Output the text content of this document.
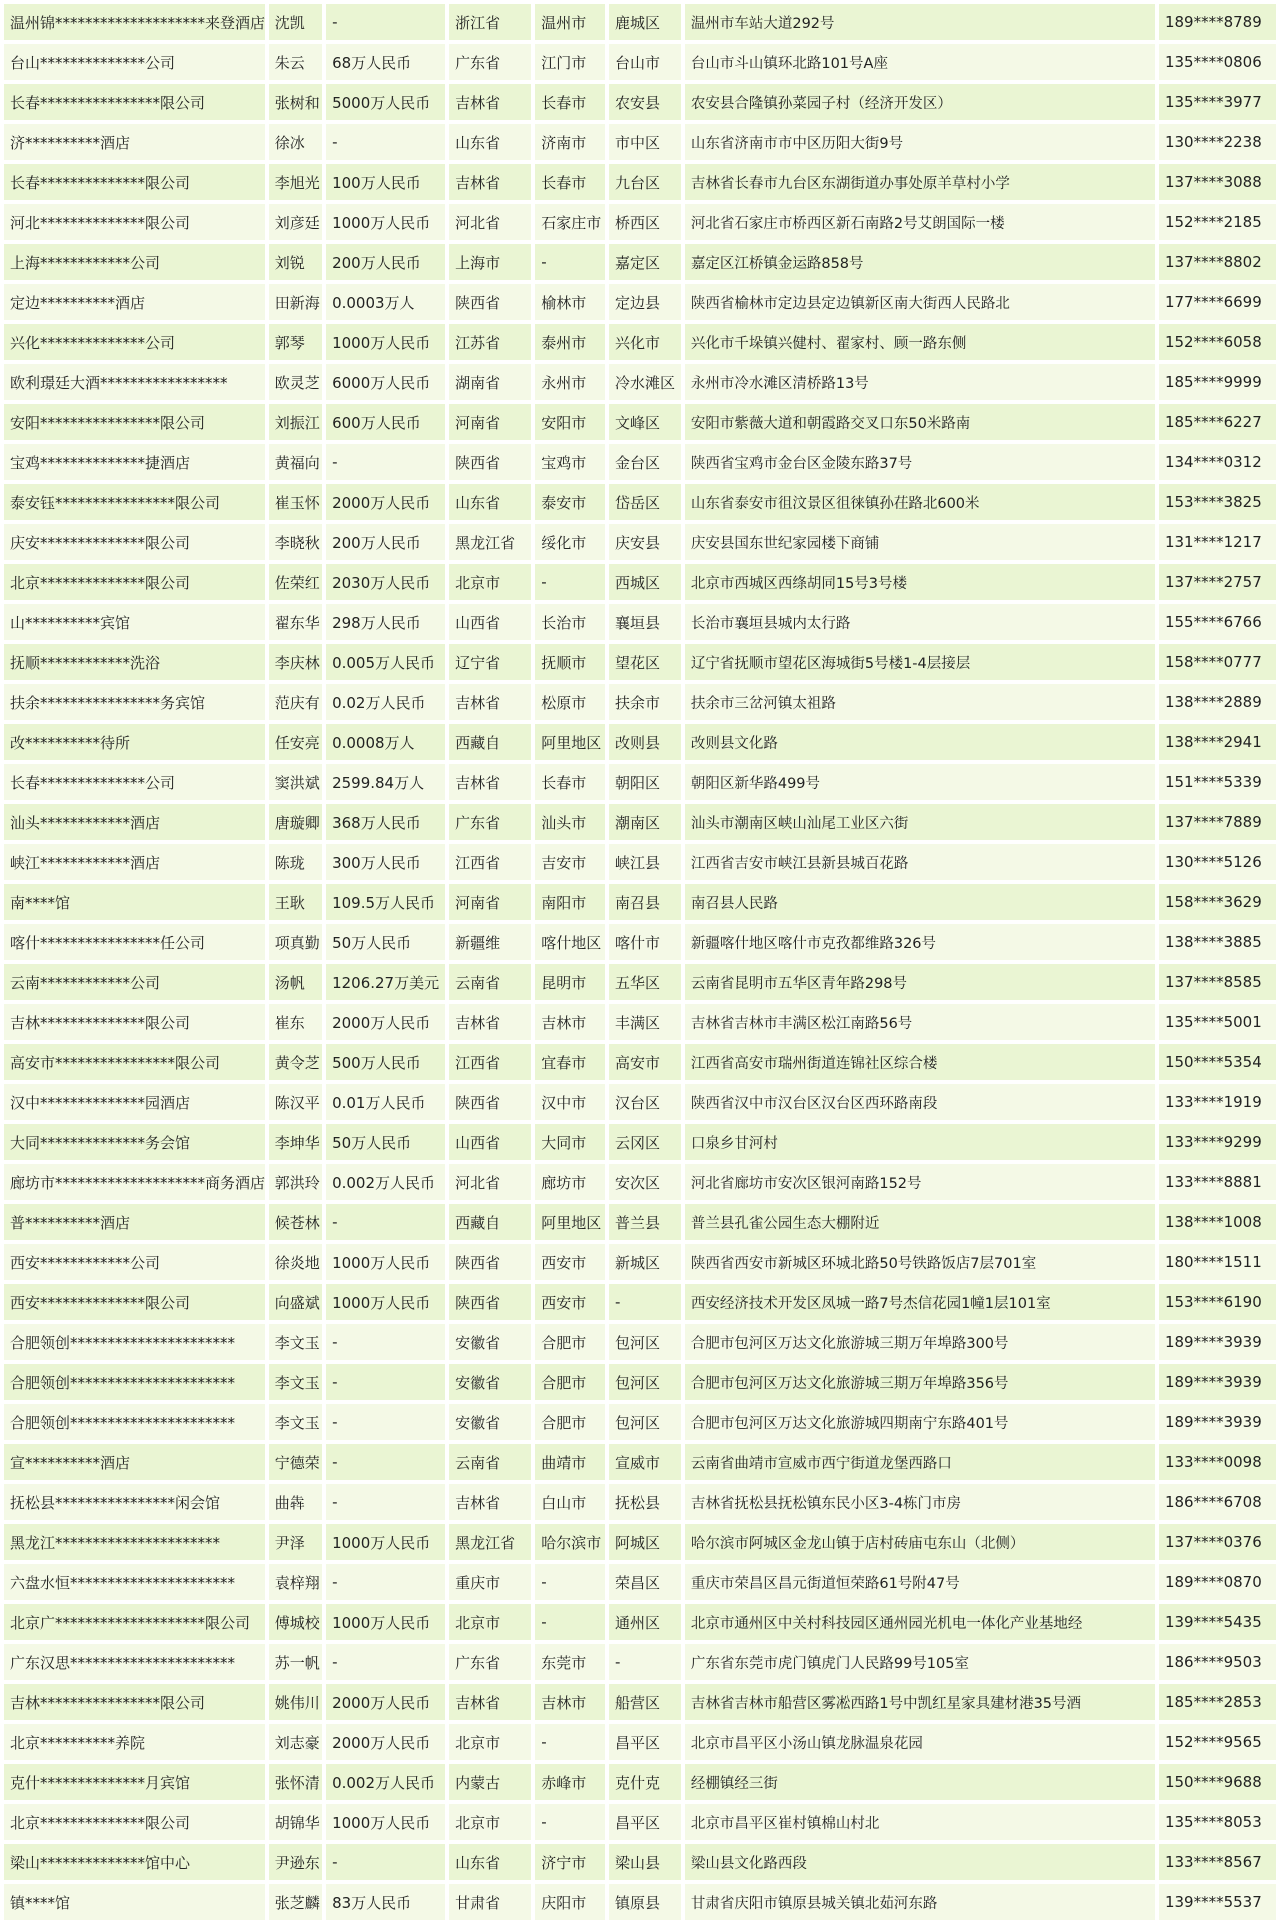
温州锦********************来登酒店	沈凯	-	浙江省	温州市	鹿城区	温州市车站大道292号	189****8789
台山**************公司	朱云	68万人民币	广东省	江门市	台山市	台山市斗山镇环北路101号A座	135****0806
长春****************限公司	张树和	5000万人民币	吉林省	长春市	农安县	农安县合隆镇孙菜园子村（经济开发区）	135****3977
济**********酒店	徐冰	-	山东省	济南市	市中区	山东省济南市市中区历阳大街9号	130****2238
长春**************限公司	李旭光	100万人民币	吉林省	长春市	九台区	吉林省长春市九台区东湖街道办事处原羊草村小学	137****3088
河北**************限公司	刘彦廷	1000万人民币	河北省	石家庄市	桥西区	河北省石家庄市桥西区新石南路2号艾朗国际一楼	152****2185
上海************公司	刘锐	200万人民币	上海市	-	嘉定区	嘉定区江桥镇金运路858号	137****8802
定边**********酒店	田新海	0.0003万人	陕西省	榆林市	定边县	陕西省榆林市定边县定边镇新区南大街西人民路北	177****6699
兴化**************公司	郭琴	1000万人民币	江苏省	泰州市	兴化市	兴化市千垛镇兴健村、翟家村、顾一路东侧	152****6058
欧利璟廷大酒*****************	欧灵芝	6000万人民币	湖南省	永州市	冷水滩区	永州市冷水滩区清桥路13号	185****9999
安阳****************限公司	刘振江	600万人民币	河南省	安阳市	文峰区	安阳市紫薇大道和朝霞路交叉口东50米路南	185****6227
宝鸡**************捷酒店	黄福向	-	陕西省	宝鸡市	金台区	陕西省宝鸡市金台区金陵东路37号	134****0312
泰安钰****************限公司	崔玉怀	2000万人民币	山东省	泰安市	岱岳区	山东省泰安市徂汶景区徂徕镇孙茌路北600米	153****3825
庆安**************限公司	李晓秋	200万人民币	黑龙江省	绥化市	庆安县	庆安县国东世纪家园楼下商铺	131****1217
北京**************限公司	佐荣红	2030万人民币	北京市	-	西城区	北京市西城区西绦胡同15号3号楼	137****2757
山**********宾馆	翟东华	298万人民币	山西省	长治市	襄垣县	长治市襄垣县城内太行路	155****6766
抚顺************洗浴	李庆林	0.005万人民币	辽宁省	抚顺市	望花区	辽宁省抚顺市望花区海城街5号楼1-4层接层	158****0777
扶余****************务宾馆	范庆有	0.02万人民币	吉林省	松原市	扶余市	扶余市三岔河镇太祖路	138****2889
改**********待所	任安亮	0.0008万人	西藏自	阿里地区	改则县	改则县文化路	138****2941
长春**************公司	窦洪斌	2599.84万人	吉林省	长春市	朝阳区	朝阳区新华路499号	151****5339
汕头************酒店	唐璇卿	368万人民币	广东省	汕头市	潮南区	汕头市潮南区峡山汕尾工业区六街	137****7889
峡江************酒店	陈珑	300万人民币	江西省	吉安市	峡江县	江西省吉安市峡江县新县城百花路	130****5126
南****馆	王耿	109.5万人民币	河南省	南阳市	南召县	南召县人民路	158****3629
喀什****************任公司	项真勤	50万人民币	新疆维	喀什地区	喀什市	新疆喀什地区喀什市克孜都维路326号	138****3885
云南************公司	汤帆	1206.27万美元	云南省	昆明市	五华区	云南省昆明市五华区青年路298号	137****8585
吉林**************限公司	崔东	2000万人民币	吉林省	吉林市	丰满区	吉林省吉林市丰满区松江南路56号	135****5001
高安市****************限公司	黄令芝	500万人民币	江西省	宜春市	高安市	江西省高安市瑞州街道连锦社区综合楼	150****5354
汉中**************园酒店	陈汉平	0.01万人民币	陕西省	汉中市	汉台区	陕西省汉中市汉台区汉台区西环路南段	133****1919
大同**************务会馆	李坤华	50万人民币	山西省	大同市	云冈区	口泉乡甘河村	133****9299
廊坊市********************商务酒店	郭洪玲	0.002万人民币	河北省	廊坊市	安次区	河北省廊坊市安次区银河南路152号	133****8881
普**********酒店	候苍林	-	西藏自	阿里地区	普兰县	普兰县孔雀公园生态大棚附近	138****1008
西安************公司	徐炎地	1000万人民币	陕西省	西安市	新城区	陕西省西安市新城区环城北路50号铁路饭店7层701室	180****1511
西安**************限公司	向盛斌	1000万人民币	陕西省	西安市	-	西安经济技术开发区凤城一路7号杰信花园1幢1层101室	153****6190
合肥领创**********************	李文玉	-	安徽省	合肥市	包河区	合肥市包河区万达文化旅游城三期万年埠路300号	189****3939
合肥领创**********************	李文玉	-	安徽省	合肥市	包河区	合肥市包河区万达文化旅游城三期万年埠路356号	189****3939
合肥领创**********************	李文玉	-	安徽省	合肥市	包河区	合肥市包河区万达文化旅游城四期南宁东路401号	189****3939
宣**********酒店	宁德荣	-	云南省	曲靖市	宣威市	云南省曲靖市宣威市西宁街道龙堡西路口	133****0098
抚松县****************闲会馆	曲犇	-	吉林省	白山市	抚松县	吉林省抚松县抚松镇东民小区3-4栋门市房	186****6708
黑龙江**********************	尹泽	1000万人民币	黑龙江省	哈尔滨市	阿城区	哈尔滨市阿城区金龙山镇于店村砖庙屯东山（北侧）	137****0376
六盘水恒**********************	袁梓翔	-	重庆市	-	荣昌区	重庆市荣昌区昌元街道恒荣路61号附47号	189****0870
北京广********************限公司	傅城校	1000万人民币	北京市	-	通州区	北京市通州区中关村科技园区通州园光机电一体化产业基地经	139****5435
广东汉思**********************	苏一帆	-	广东省	东莞市	-	广东省东莞市虎门镇虎门人民路99号105室	186****9503
吉林****************限公司	姚伟川	2000万人民币	吉林省	吉林市	船营区	吉林省吉林市船营区雾凇西路1号中凯红星家具建材港35号酒	185****2853
北京**********养院	刘志豪	2000万人民币	北京市	-	昌平区	北京市昌平区小汤山镇龙脉温泉花园	152****9565
克什**************月宾馆	张怀清	0.002万人民币	内蒙古	赤峰市	克什克	经棚镇经三街	150****9688
北京**************限公司	胡锦华	1000万人民币	北京市	-	昌平区	北京市昌平区崔村镇棉山村北	135****8053
梁山**************馆中心	尹逊东	-	山东省	济宁市	梁山县	梁山县文化路西段	133****8567
镇****馆	张芝麟	83万人民币	甘肃省	庆阳市	镇原县	甘肃省庆阳市镇原县城关镇北茹河东路	139****5537
